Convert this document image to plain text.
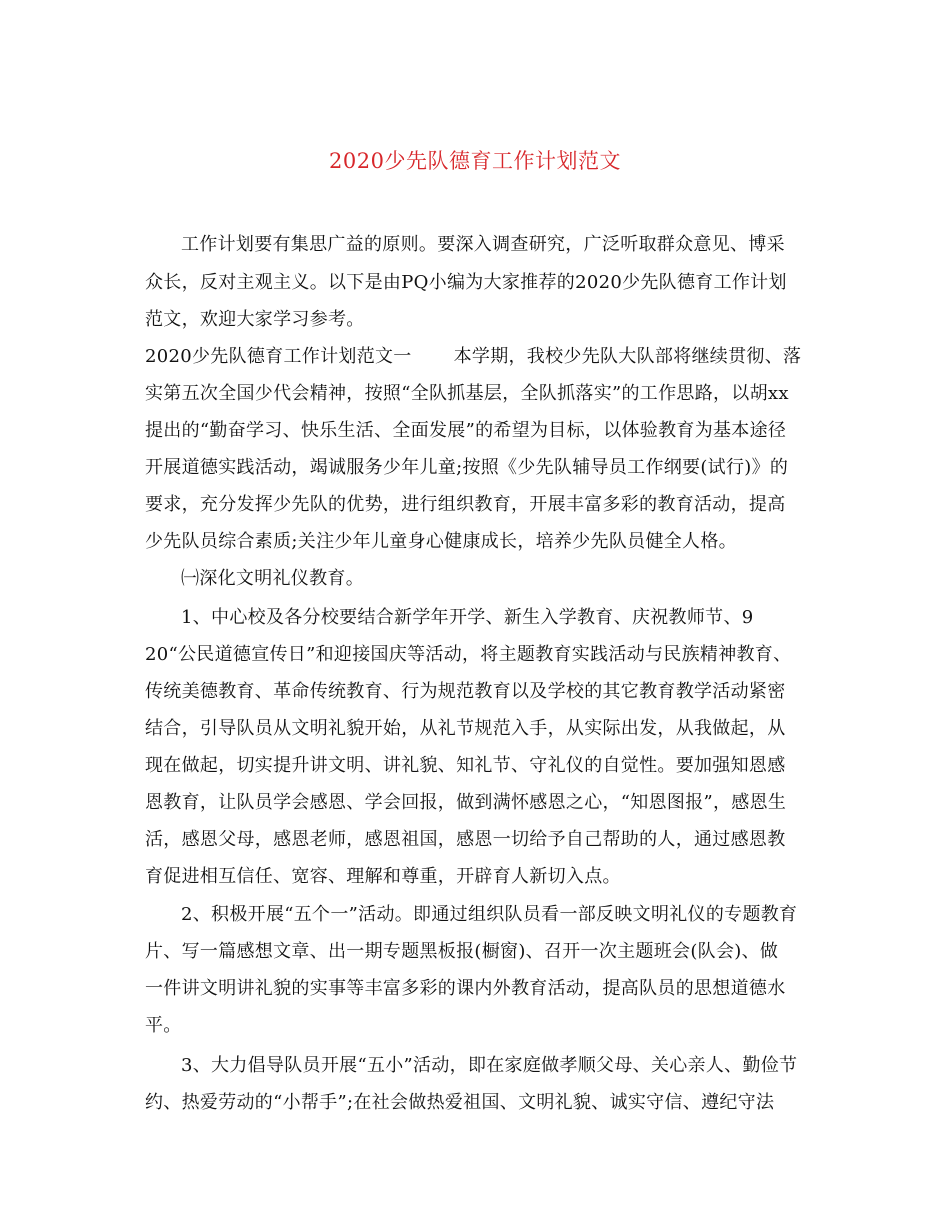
2020少先队德育工作计划范文
工作计划要有集思广益的原则。要深入调查研究，广泛听取群众意见、博采
众长，反对主观主义。以下是由PQ小编为大家推荐的2020少先队德育工作计划
范文，欢迎大家学习参考。
2020少先队德育工作计划范文一 本学期，我校少先队大队部将继续贯彻、落
实第五次全国少代会精神，按照“全队抓基层，全队抓落实”的工作思路，以胡xx
提出的“勤奋学习、快乐生活、全面发展”的希望为目标，以体验教育为基本途径
开展道德实践活动，竭诚服务少年儿童;按照《少先队辅导员工作纲要(试行)》的
要求，充分发挥少先队的优势，进行组织教育，开展丰富多彩的教育活动，提高
少先队员综合素质;关注少年儿童身心健康成长，培养少先队员健全人格。
㈠深化文明礼仪教育。
1、中心校及各分校要结合新学年开学、新生入学教育、庆祝教师节、9
20“公民道德宣传日”和迎接国庆等活动，将主题教育实践活动与民族精神教育、
传统美德教育、革命传统教育、行为规范教育以及学校的其它教育教学活动紧密
结合，引导队员从文明礼貌开始，从礼节规范入手，从实际出发，从我做起，从
现在做起，切实提升讲文明、讲礼貌、知礼节、守礼仪的自觉性。要加强知恩感
恩教育，让队员学会感恩、学会回报，做到满怀感恩之心，“知恩图报”，感恩生
活，感恩父母，感恩老师，感恩祖国，感恩一切给予自己帮助的人，通过感恩教
育促进相互信任、宽容、理解和尊重，开辟育人新切入点。
2、积极开展“五个一”活动。即通过组织队员看一部反映文明礼仪的专题教育
片、写一篇感想文章、出一期专题黑板报(橱窗)、召开一次主题班会(队会)、做
一件讲文明讲礼貌的实事等丰富多彩的课内外教育活动，提高队员的思想道德水
平。
3、大力倡导队员开展“五小”活动，即在家庭做孝顺父母、关心亲人、勤俭节
约、热爱劳动的“小帮手”;在社会做热爱祖国、文明礼貌、诚实守信、遵纪守法
